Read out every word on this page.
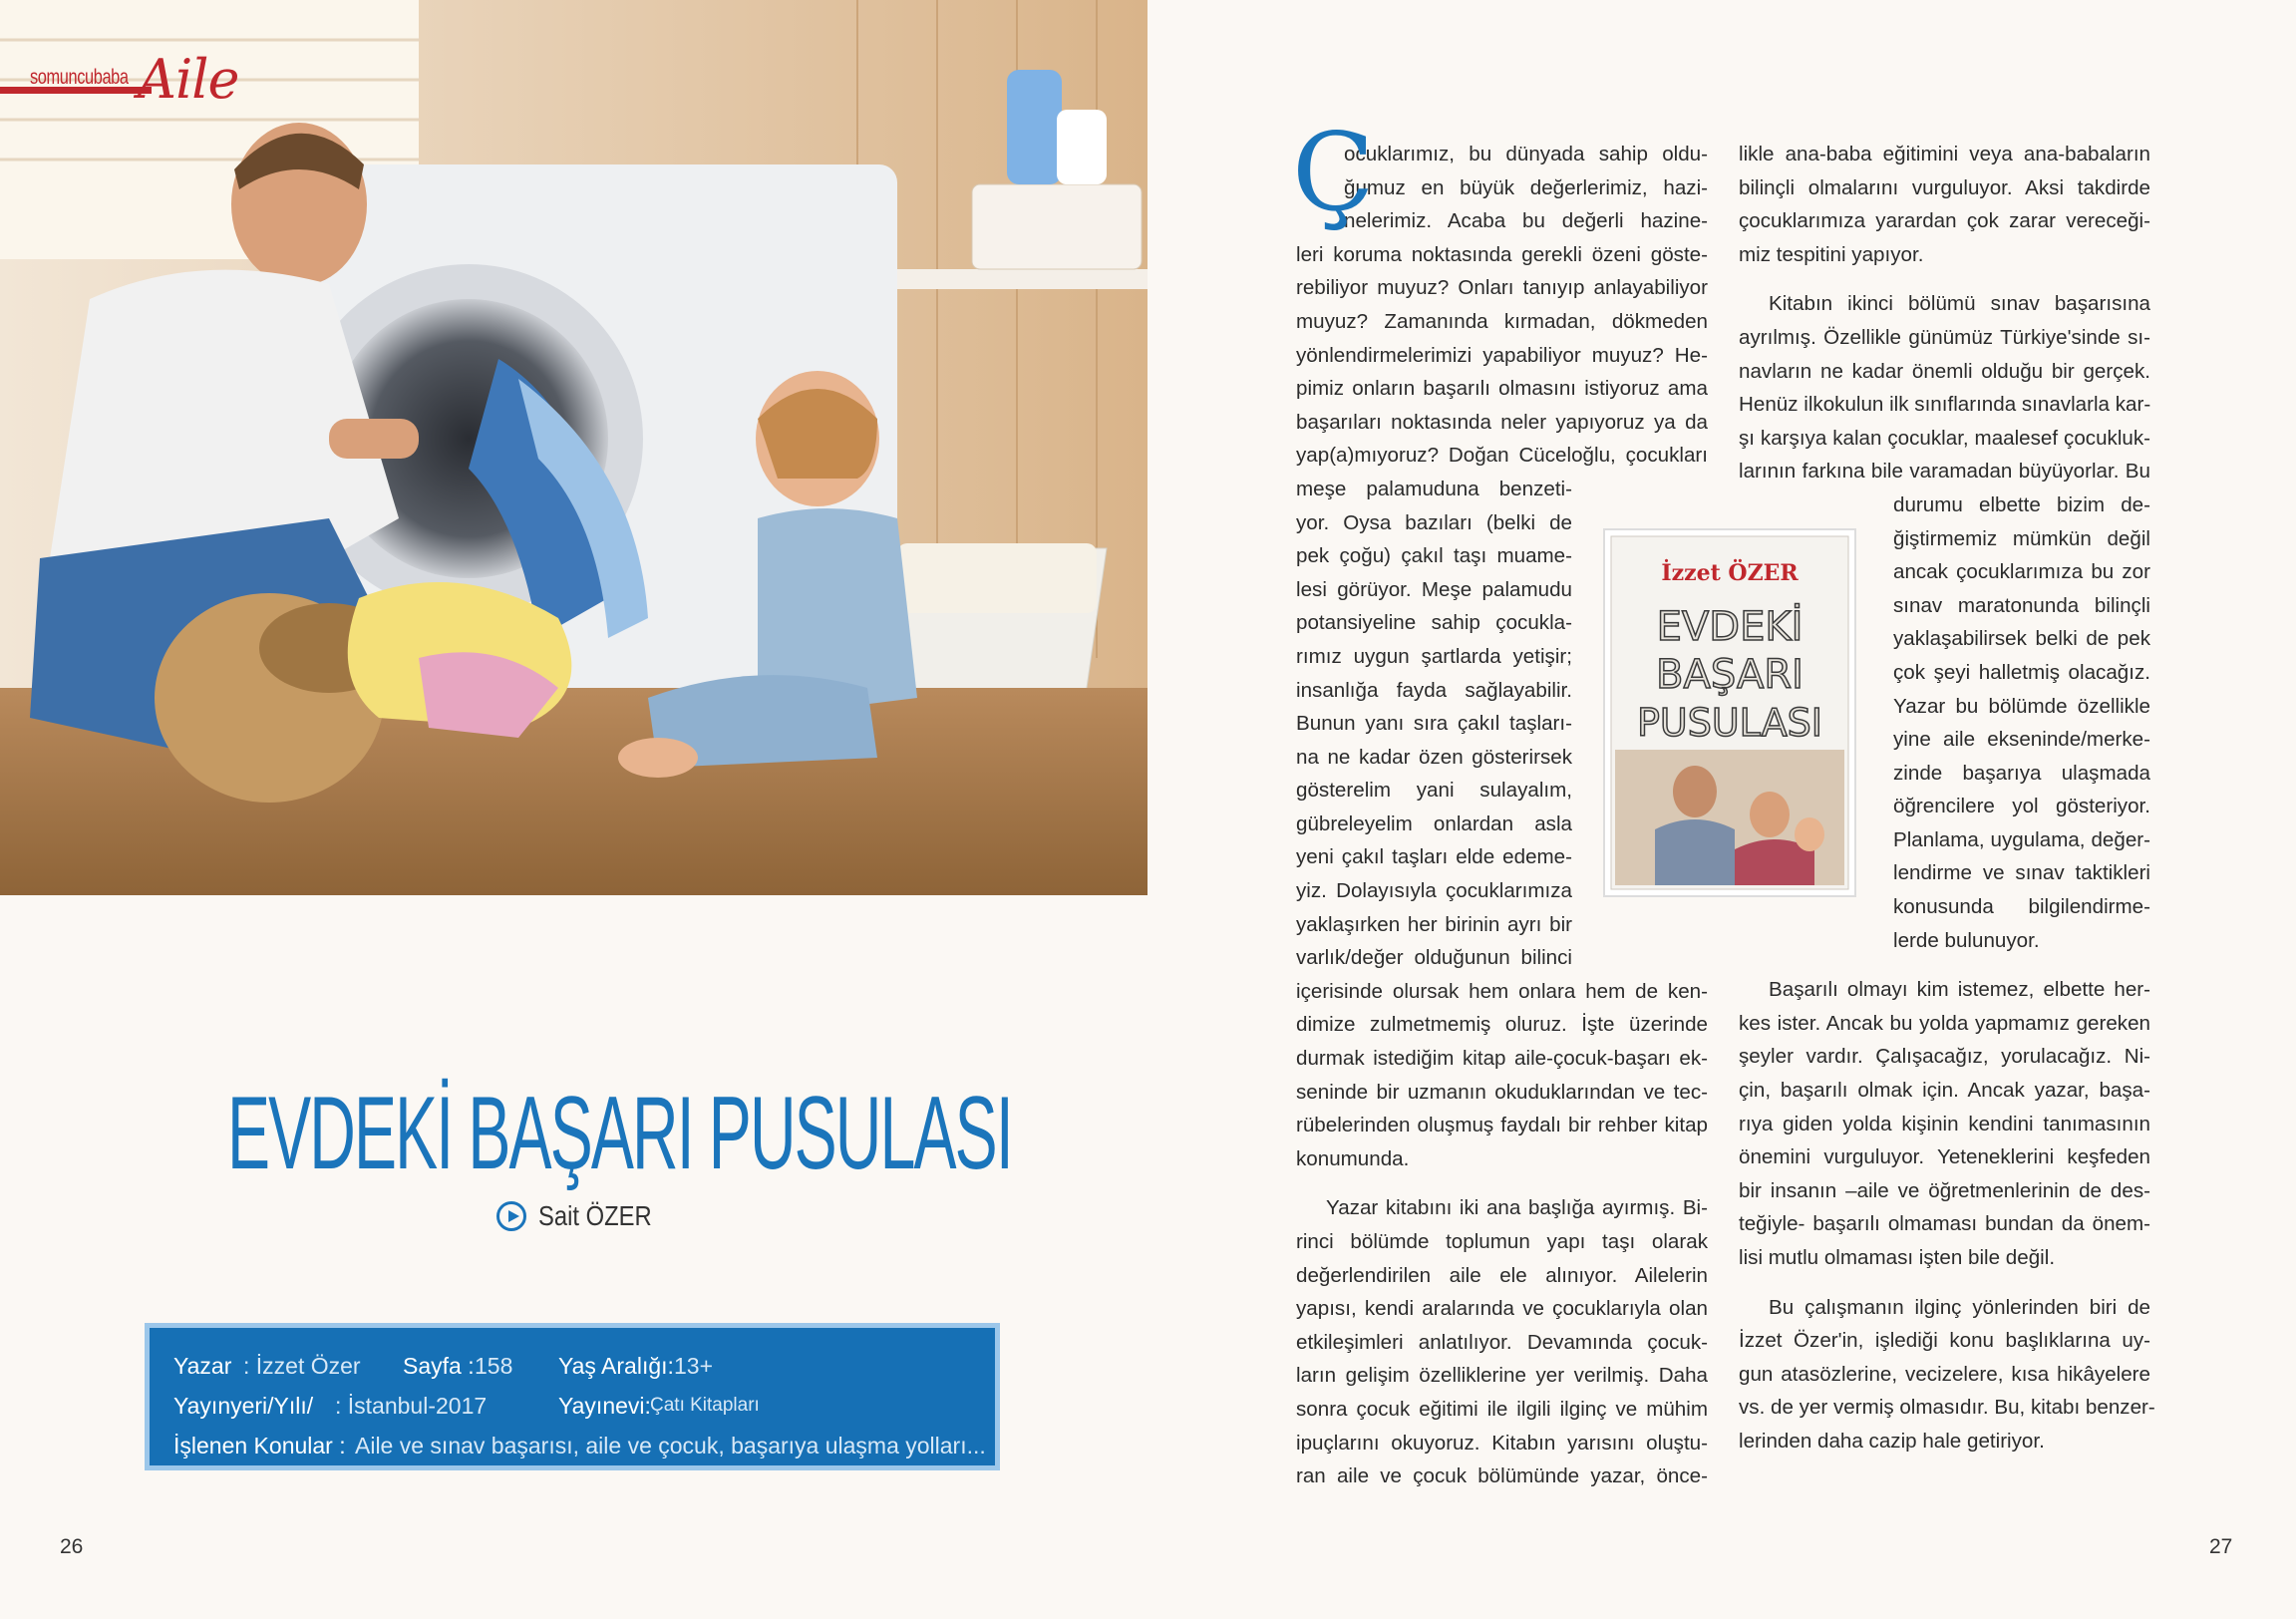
somuncubaba Aile
EVDEKİ BAŞARI PUSULASI
Sait ÖZER
Yazar : İzzet Özer Sayfa : 158 Yaş Aralığı: 13+
Yayınyeri/Yılı/ : İstanbul-2017	Yayınevi: Çatı Kitapları
İşlenen Konular : Aile ve sınav başarısı, aile ve çocuk, başarıya ulaşma yolları...
26
Ç
ocuklarımız, bu dünyada sahip oldu-
ğumuz en büyük değerlerimiz, hazi-
nelerimiz. Acaba bu değerli hazine-
leri koruma noktasında gerekli özeni göste-
rebiliyor muyuz? Onları tanıyıp anlayabiliyor
muyuz? Zamanında kırmadan, dökmeden
yönlendirmelerimizi yapabiliyor muyuz? He-
pimiz onların başarılı olmasını istiyoruz ama
başarıları noktasında neler yapıyoruz ya da
yap(a)mıyoruz? Doğan Cüceloğlu, çocukları
meşe palamuduna benzeti-
yor. Oysa bazıları (belki de
pek çoğu) çakıl taşı muame-
lesi görüyor. Meşe palamudu
potansiyeline sahip çocukla-
rımız uygun şartlarda yetişir;
insanlığa fayda sağlayabilir.
Bunun yanı sıra çakıl taşları-
na ne kadar özen gösterirsek
gösterelim yani sulayalım,
gübreleyelim onlardan asla
yeni çakıl taşları elde edeme-
yiz. Dolayısıyla çocuklarımıza
yaklaşırken her birinin ayrı bir
varlık/değer olduğunun bilinci
içerisinde olursak hem onlara hem de ken-
dimize zulmetmemiş oluruz. İşte üzerinde
durmak istediğim kitap aile-çocuk-başarı ek-
seninde bir uzmanın okuduklarından ve tec-
rübelerinden oluşmuş faydalı bir rehber kitap
konumunda.
Yazar kitabını iki ana başlığa ayırmış. Bi-
rinci bölümde toplumun yapı taşı olarak
değerlendirilen aile ele alınıyor. Ailelerin
yapısı, kendi aralarında ve çocuklarıyla olan
etkileşimleri anlatılıyor. Devamında çocuk-
ların gelişim özelliklerine yer verilmiş. Daha
sonra çocuk eğitimi ile ilgili ilginç ve mühim
ipuçlarını okuyoruz. Kitabın yarısını oluştu-
ran aile ve çocuk bölümünde yazar, önce-
İzzet ÖZER
EVDEKİ
BAŞARI
PUSULASI
likle ana-baba eğitimini veya ana-babaların
bilinçli olmalarını vurguluyor. Aksi takdirde
çocuklarımıza yarardan çok zarar vereceği-
miz tespitini yapıyor.
Kitabın ikinci bölümü sınav başarısına
ayrılmış. Özellikle günümüz Türkiye'sinde sı-
navların ne kadar önemli olduğu bir gerçek.
Henüz ilkokulun ilk sınıflarında sınavlarla kar-
şı karşıya kalan çocuklar, maalesef çocukluk-
larının farkına bile varamadan büyüyorlar. Bu
durumu elbette bizim de-
ğiştirmemiz mümkün değil
ancak çocuklarımıza bu zor
sınav maratonunda bilinçli
yaklaşabilirsek belki de pek
çok şeyi halletmiş olacağız.
Yazar bu bölümde özellikle
yine aile ekseninde/merke-
zinde başarıya ulaşmada
öğrencilere yol gösteriyor.
Planlama, uygulama, değer-
lendirme ve sınav taktikleri
konusunda bilgilendirme-
lerde bulunuyor.
Başarılı olmayı kim istemez, elbette her-
kes ister. Ancak bu yolda yapmamız gereken
şeyler vardır. Çalışacağız, yorulacağız. Ni-
çin, başarılı olmak için. Ancak yazar, başa-
rıya giden yolda kişinin kendini tanımasının
önemini vurguluyor. Yeteneklerini keşfeden
bir insanın –aile ve öğretmenlerinin de des-
teğiyle- başarılı olmaması bundan da önem-
lisi mutlu olmaması işten bile değil.
Bu çalışmanın ilginç yönlerinden biri de
İzzet Özer'in, işlediği konu başlıklarına uy-
gun atasözlerine, vecizelere, kısa hikâyelere
vs. de yer vermiş olmasıdır. Bu, kitabı benzer-
lerinden daha cazip hale getiriyor.
27
